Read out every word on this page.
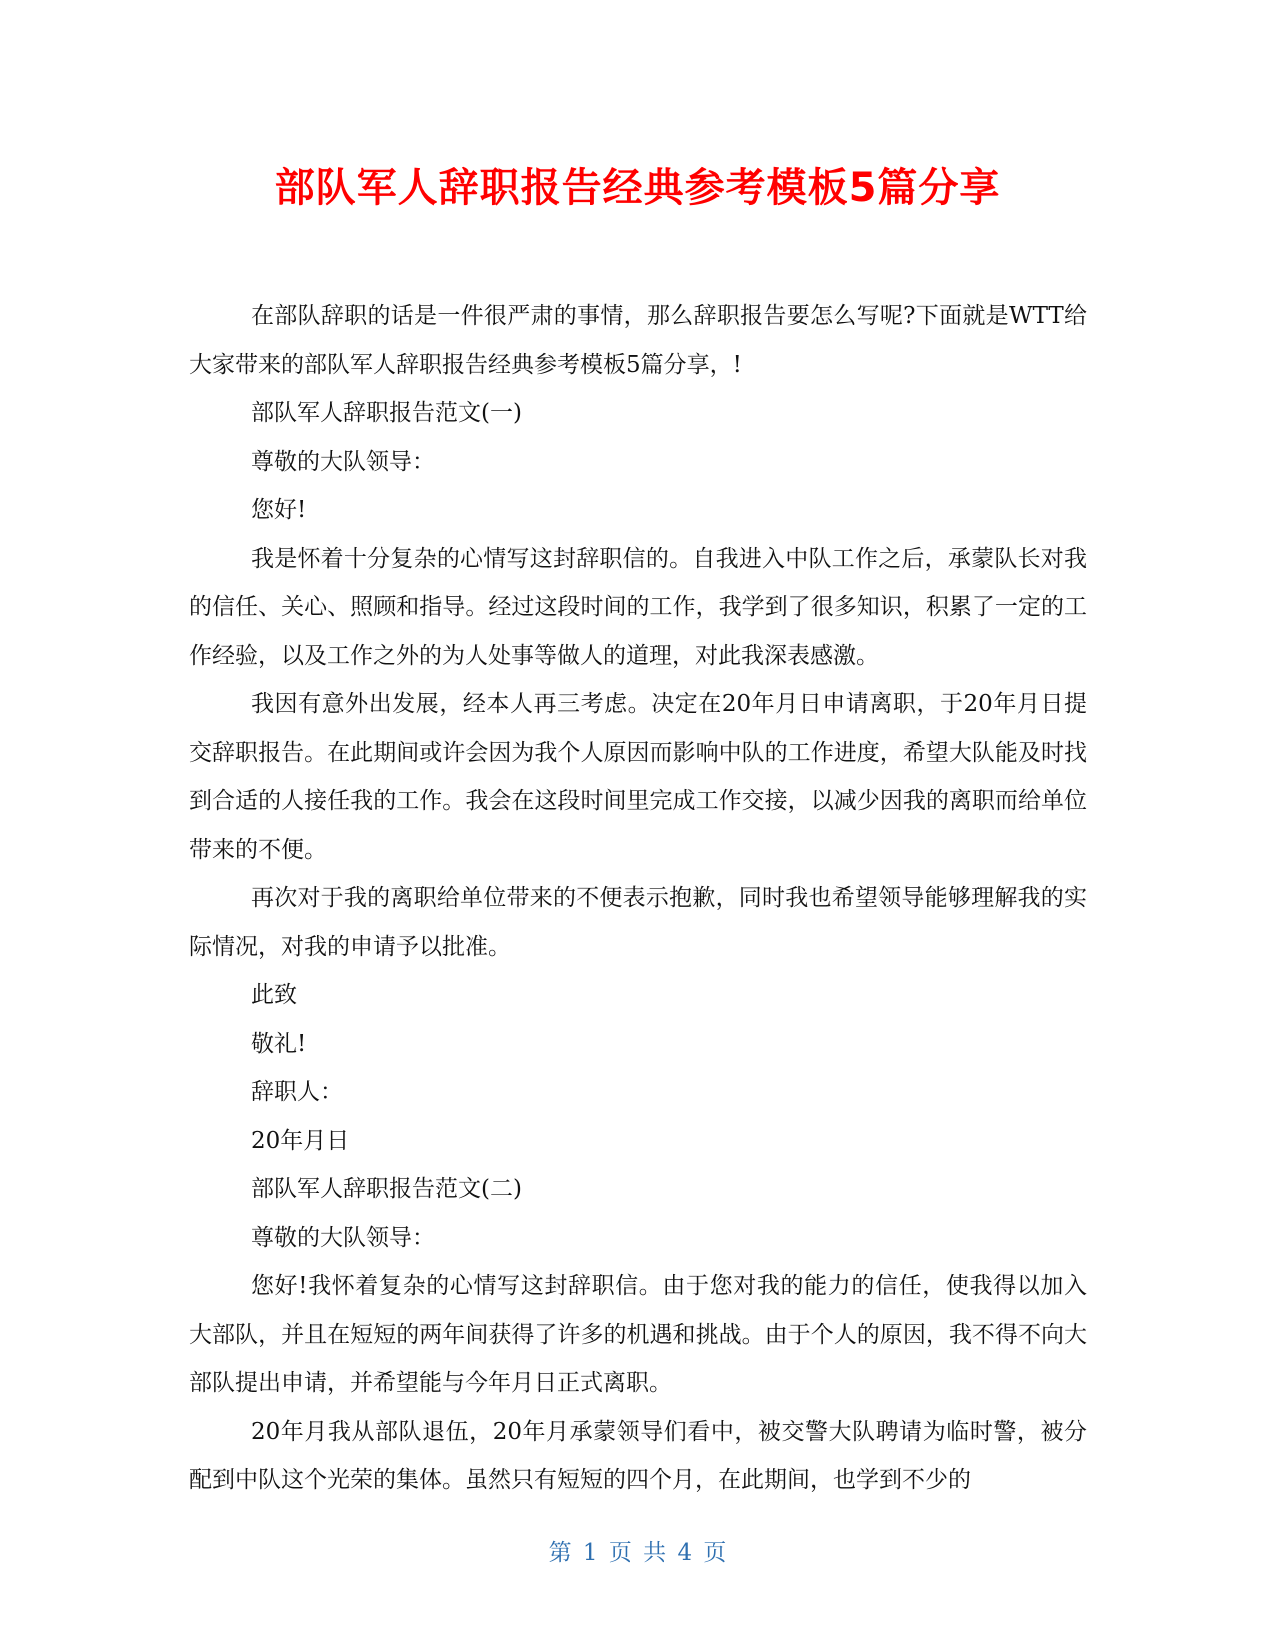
部队军人辞职报告经典参考模板5篇分享

在部队辞职的话是一件很严肃的事情，那么辞职报告要怎么写呢?下面就是WTT给大家带来的部队军人辞职报告经典参考模板5篇分享，!

部队军人辞职报告范文(一)

尊敬的大队领导：

您好!

我是怀着十分复杂的心情写这封辞职信的。自我进入中队工作之后，承蒙队长对我的信任、关心、照顾和指导。经过这段时间的工作，我学到了很多知识，积累了一定的工作经验，以及工作之外的为人处事等做人的道理，对此我深表感激。

我因有意外出发展，经本人再三考虑。决定在20年月日申请离职，于20年月日提交辞职报告。在此期间或许会因为我个人原因而影响中队的工作进度，希望大队能及时找到合适的人接任我的工作。我会在这段时间里完成工作交接，以减少因我的离职而给单位带来的不便。

再次对于我的离职给单位带来的不便表示抱歉，同时我也希望领导能够理解我的实际情况，对我的申请予以批准。

此致

敬礼!

辞职人：

20年月日

部队军人辞职报告范文(二)

尊敬的大队领导：

您好!我怀着复杂的心情写这封辞职信。由于您对我的能力的信任，使我得以加入大部队，并且在短短的两年间获得了许多的机遇和挑战。由于个人的原因，我不得不向大部队提出申请，并希望能与今年月日正式离职。

20年月我从部队退伍，20年月承蒙领导们看中，被交警大队聘请为临时警，被分配到中队这个光荣的集体。虽然只有短短的四个月，在此期间，也学到不少的

第 1 页 共 4 页
